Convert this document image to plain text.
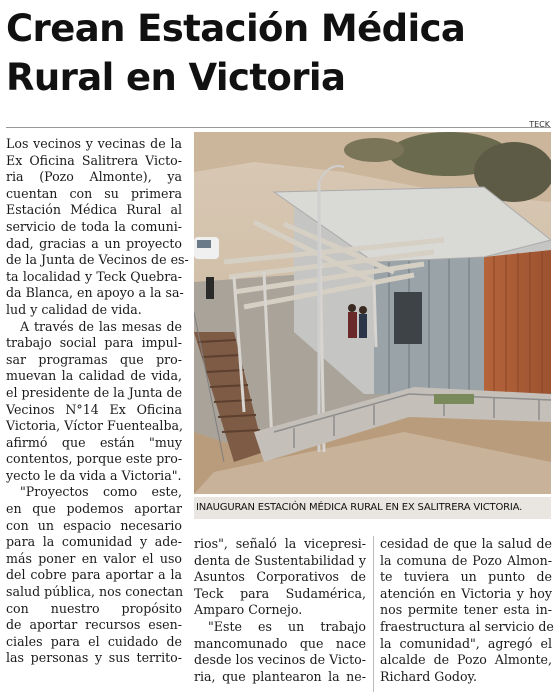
Crean Estación Médica
Rural en Victoria
Los vecinos y vecinas de la
Ex Oficina Salitrera Victo-
ria (Pozo Almonte), ya
cuentan con su primera
Estación Médica Rural al
servicio de toda la comuni-
dad, gracias a un proyecto
de la Junta de Vecinos de es-
ta localidad y Teck Quebra-
da Blanca, en apoyo a la sa-
lud y calidad de vida.
A través de las mesas de
trabajo social para impul-
sar programas que pro-
muevan la calidad de vida,
el presidente de la Junta de
Vecinos N°14 Ex Oficina
Victoria, Víctor Fuentealba,
afirmó que están "muy
contentos, porque este pro-
yecto le da vida a Victoria".
"Proyectos como este,
en que podemos aportar
con un espacio necesario
para la comunidad y ade-
más poner en valor el uso
del cobre para aportar a la
salud pública, nos conectan
con nuestro propósito
de aportar recursos esen-
ciales para el cuidado de
las personas y sus territo-
TECK
INAUGURAN ESTACIÓN MÉDICA RURAL EN EX SALITRERA VICTORIA.
rios", señaló la vicepresi-
denta de Sustentabilidad y
Asuntos Corporativos de
Teck para Sudamérica,
Amparo Cornejo.
"Este es un trabajo
mancomunado que nace
desde los vecinos de Victo-
ria, que plantearon la ne-
cesidad de que la salud de
la comuna de Pozo Almon-
te tuviera un punto de
atención en Victoria y hoy
nos permite tener esta in-
fraestructura al servicio de
la comunidad", agregó el
alcalde de Pozo Almonte,
Richard Godoy.
